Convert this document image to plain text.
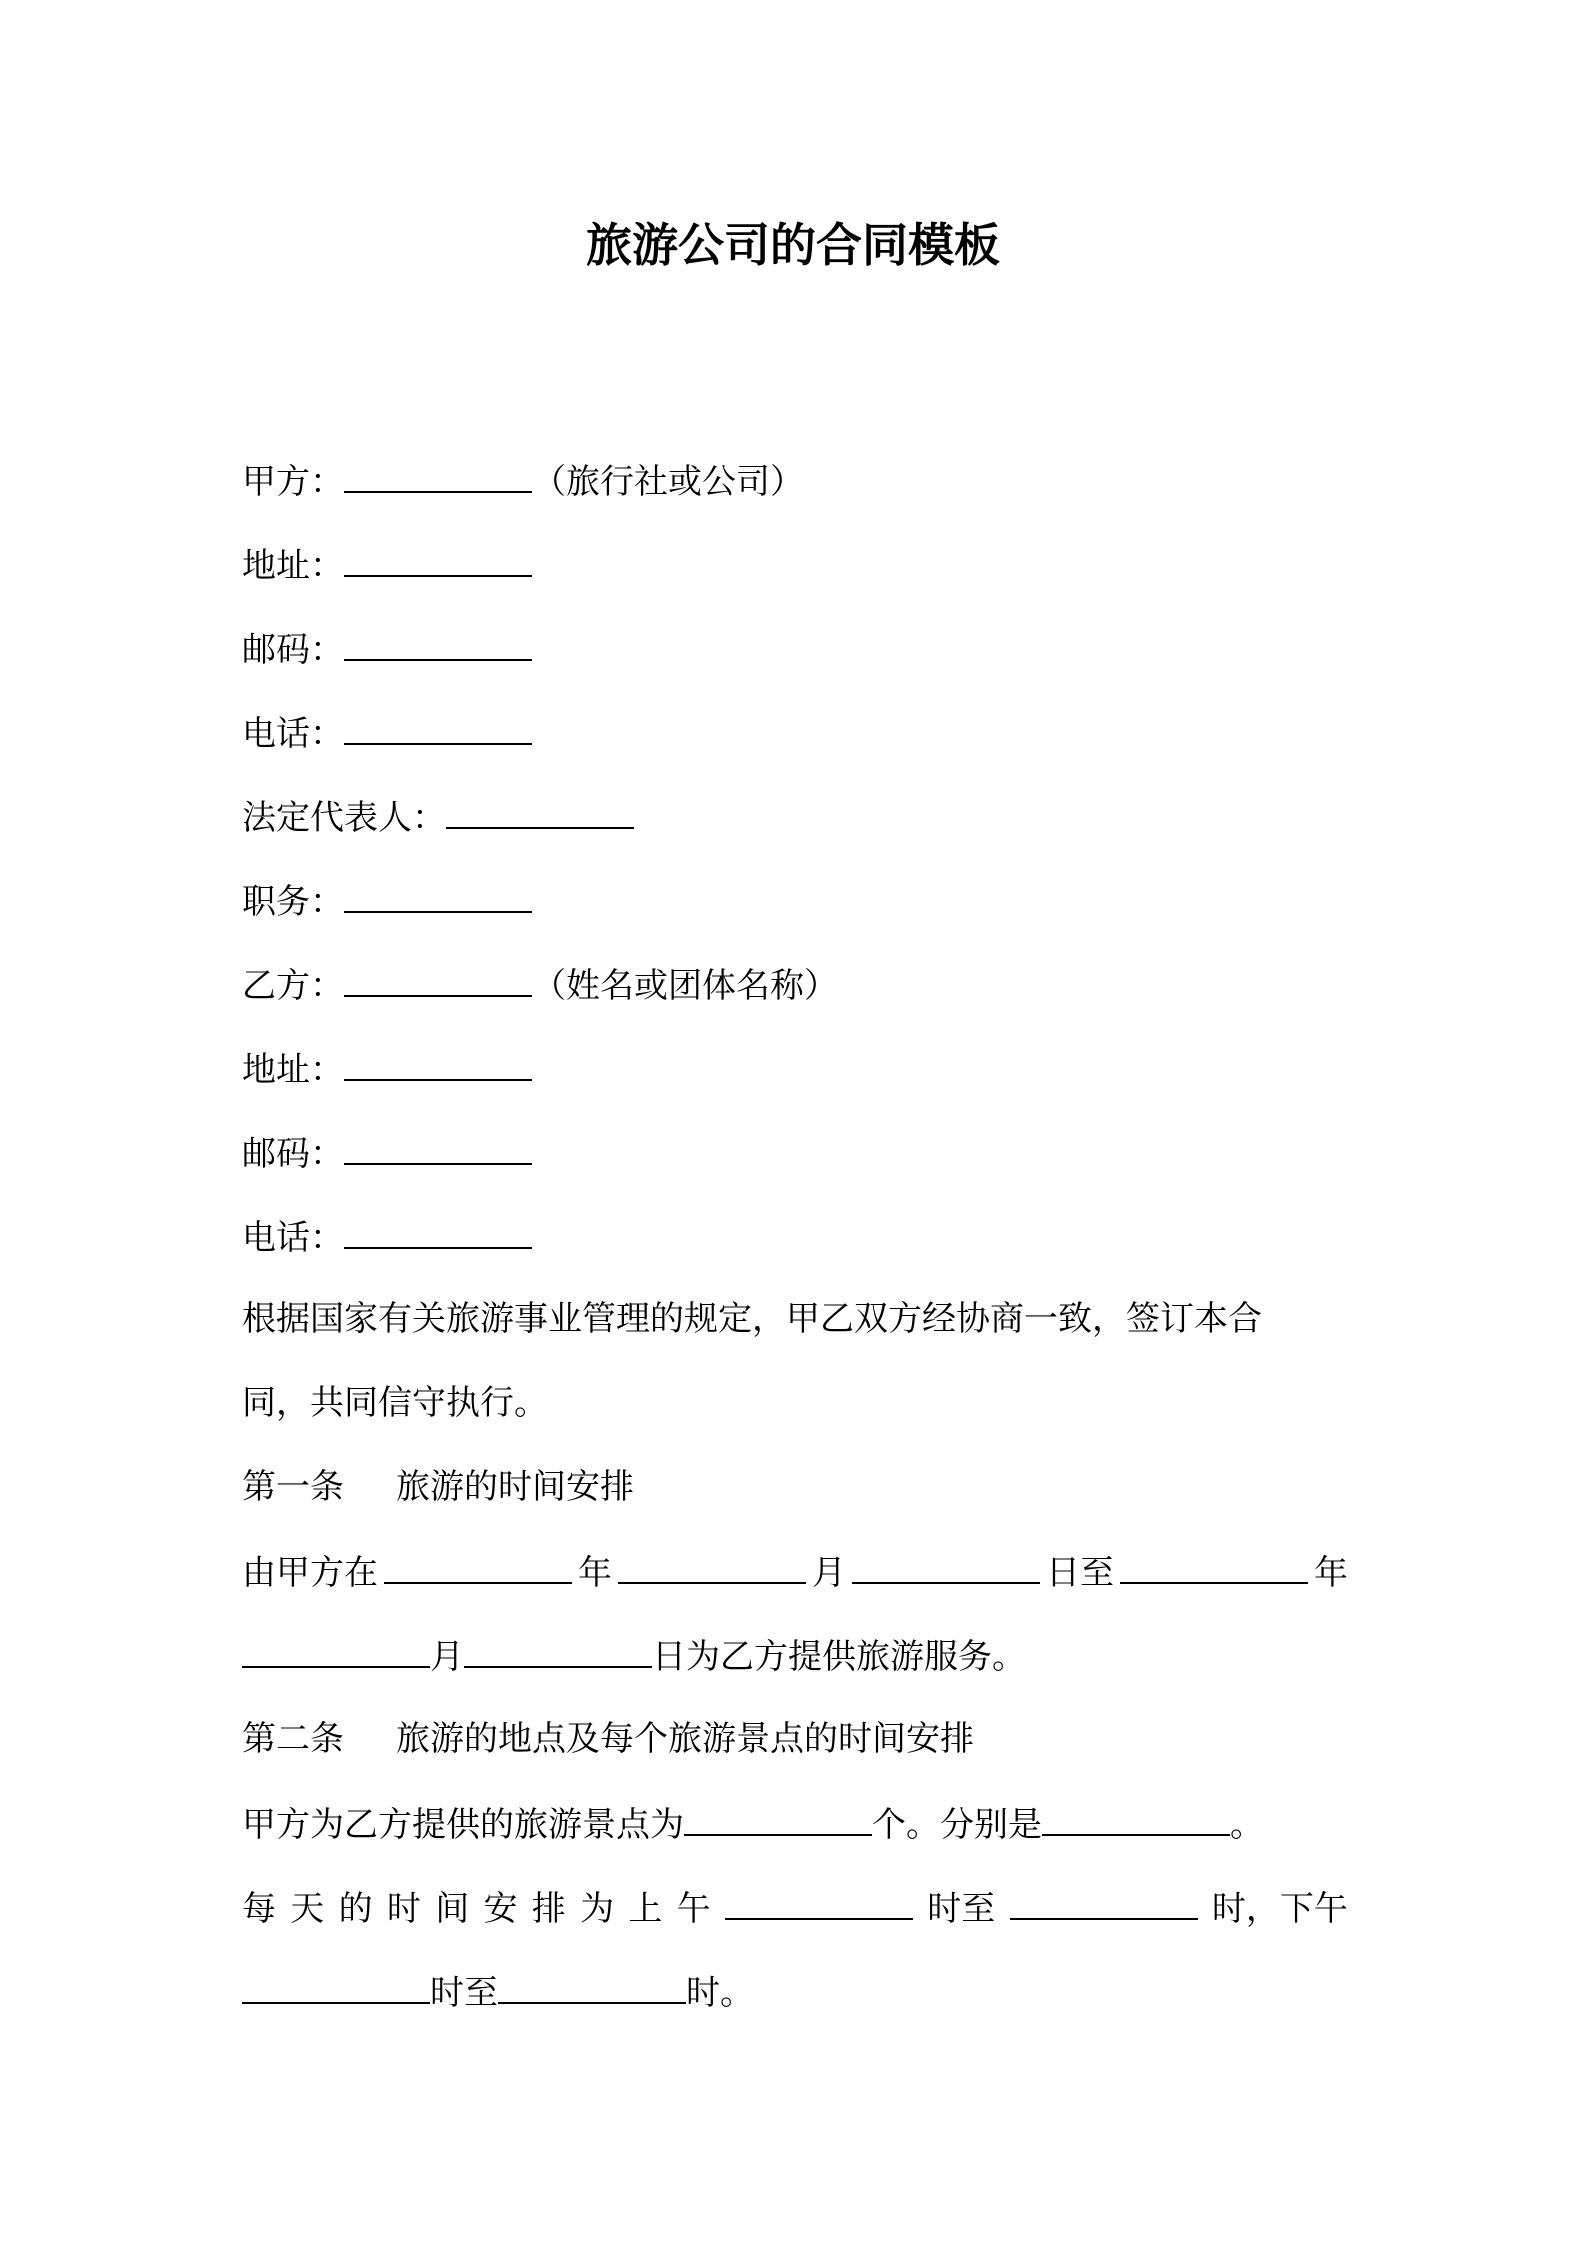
旅游公司的合同模板
甲方：	（旅行社或公司）
地址：
邮码：
电话：
法定代表人：
职务：
乙方：	（姓名或团体名称）
地址：
邮码：
电话：
根据国家有关旅游事业管理的规定，甲乙双方经协商一致，签订本合
同，共同信守执行。
第一条 旅游的时间安排
由甲方在	年	月	日至	年
月	日为乙方提供旅游服务。
第二条 旅游的地点及每个旅游景点的时间安排
甲方为乙方提供的旅游景点为	个。分别是	。
每 天 的 时 间 安 排 为 上 午	时至	时，下午
时至	时。
